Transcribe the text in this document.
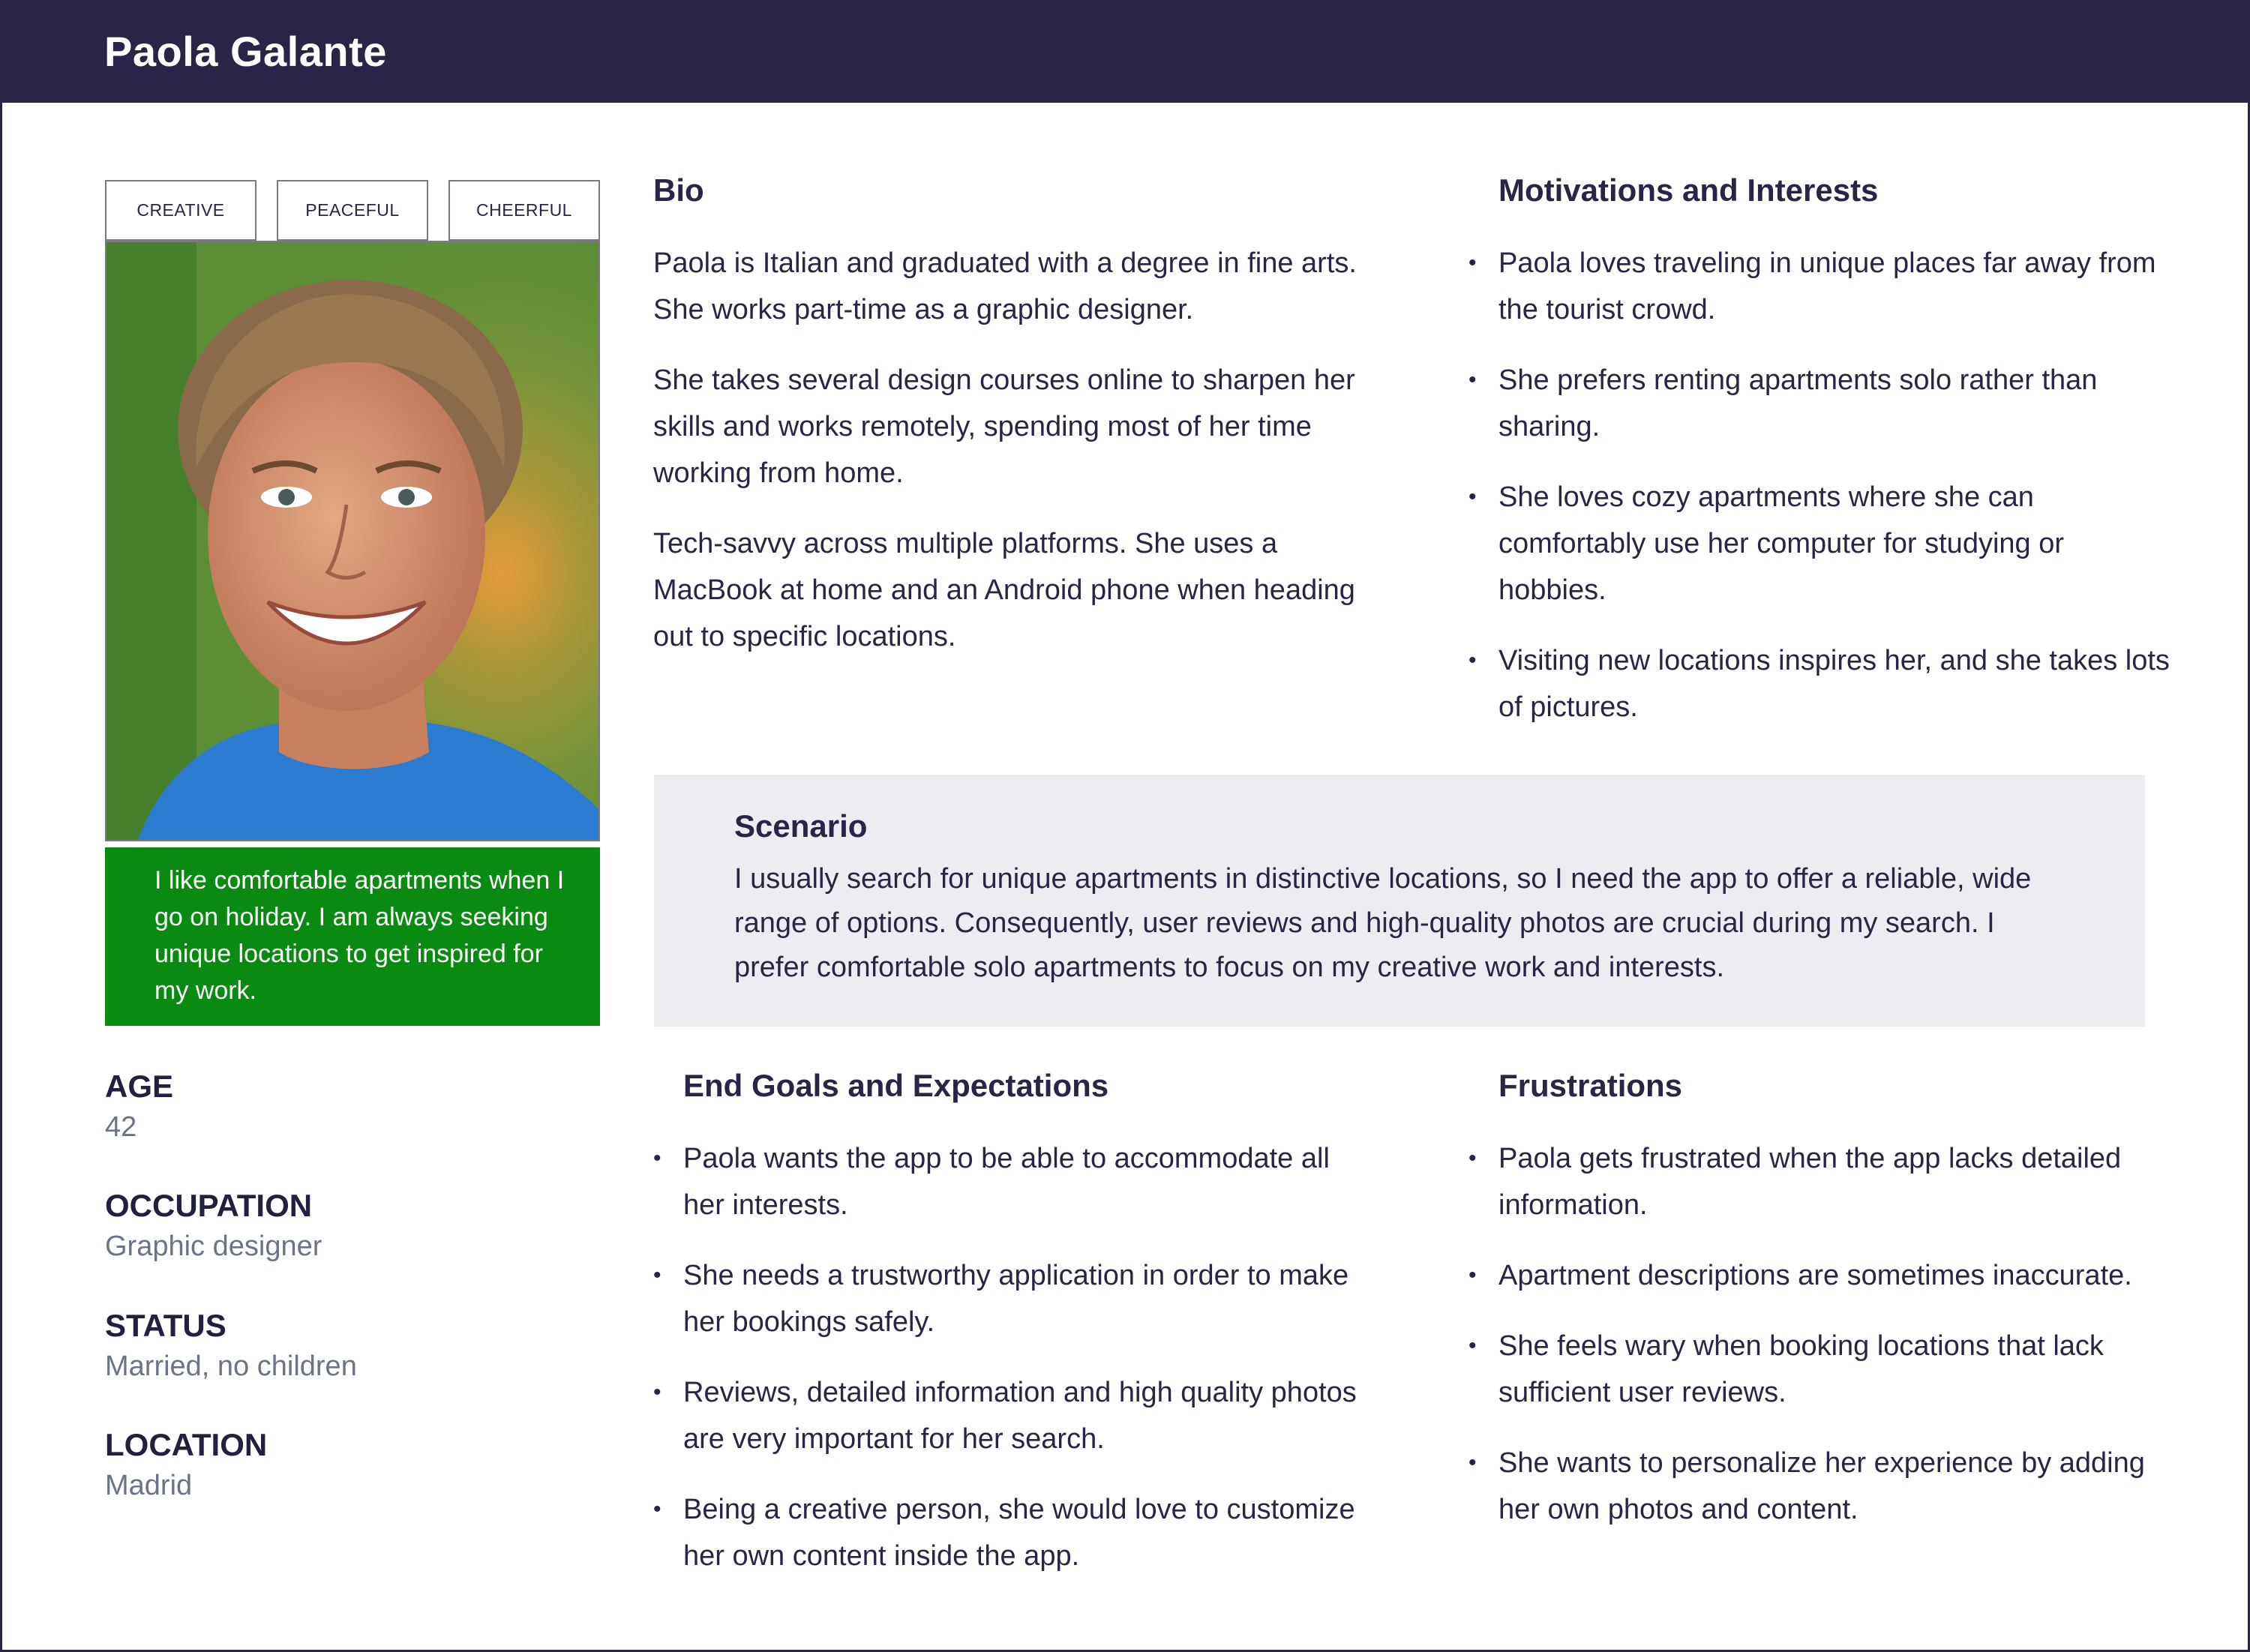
Paola Galante
CREATIVE	PEACEFUL	CHEERFUL
I like comfortable apartments when I go on holiday. I am always seeking unique locations to get inspired for my work.
AGE
42
OCCUPATION
Graphic designer
STATUS
Married, no children
LOCATION
Madrid
Bio

Paola is Italian and graduated with a degree in fine arts. She works part-time as a graphic designer.

She takes several design courses online to sharpen her skills and works remotely, spending most of her time working from home.

Tech-savvy across multiple platforms. She uses a MacBook at home and an Android phone when heading out to specific locations.

Motivations and Interests
• Paola loves traveling in unique places far away from the tourist crowd.
• She prefers renting apartments solo rather than sharing.
• She loves cozy apartments where she can comfortably use her computer for studying or hobbies.
• Visiting new locations inspires her, and she takes lots of pictures.
Scenario
I usually search for unique apartments in distinctive locations, so I need the app to offer a reliable, wide range of options. Consequently, user reviews and high-quality photos are crucial during my search. I prefer comfortable solo apartments to focus on my creative work and interests.
End Goals and Expectations
• Paola wants the app to be able to accommodate all her interests.
• She needs a trustworthy application in order to make her bookings safely.
• Reviews, detailed information and high quality photos are very important for her search.
• Being a creative person, she would love to customize her own content inside the app.
Frustrations
• Paola gets frustrated when the app lacks detailed information.
• Apartment descriptions are sometimes inaccurate.
• She feels wary when booking locations that lack sufficient user reviews.
• She wants to personalize her experience by adding her own photos and content.
